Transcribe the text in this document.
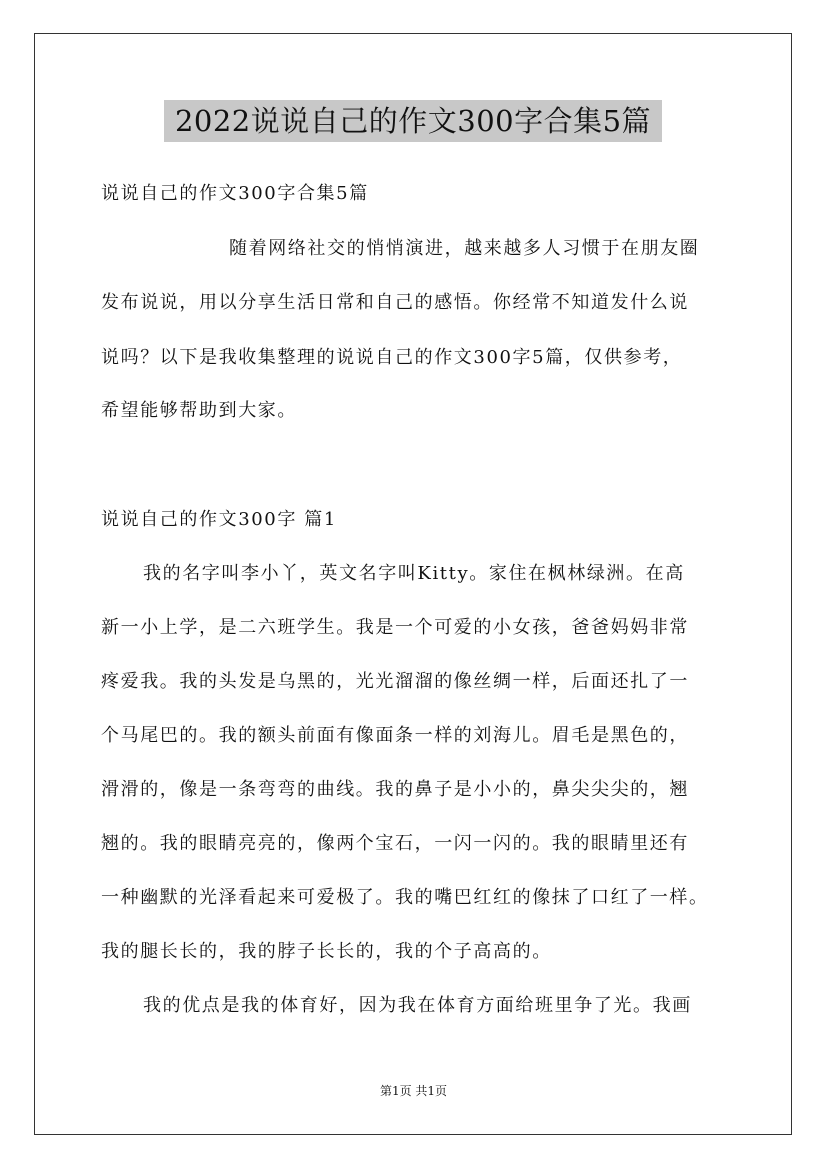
2022说说自己的作文300字合集5篇
说说自己的作文300字合集5篇
随着网络社交的悄悄演进，越来越多人习惯于在朋友圈
发布说说，用以分享生活日常和自己的感悟。你经常不知道发什么说
说吗？以下是我收集整理的说说自己的作文300字5篇，仅供参考，
希望能够帮助到大家。
说说自己的作文300字 篇1
我的名字叫李小丫，英文名字叫Kitty。家住在枫林绿洲。在高
新一小上学，是二六班学生。我是一个可爱的小女孩，爸爸妈妈非常
疼爱我。我的头发是乌黑的，光光溜溜的像丝绸一样，后面还扎了一
个马尾巴的。我的额头前面有像面条一样的刘海儿。眉毛是黑色的，
滑滑的，像是一条弯弯的曲线。我的鼻子是小小的，鼻尖尖尖的，翘
翘的。我的眼睛亮亮的，像两个宝石，一闪一闪的。我的眼睛里还有
一种幽默的光泽看起来可爱极了。我的嘴巴红红的像抹了口红了一样。
我的腿长长的，我的脖子长长的，我的个子高高的。
我的优点是我的体育好，因为我在体育方面给班里争了光。我画
第1页 共1页
